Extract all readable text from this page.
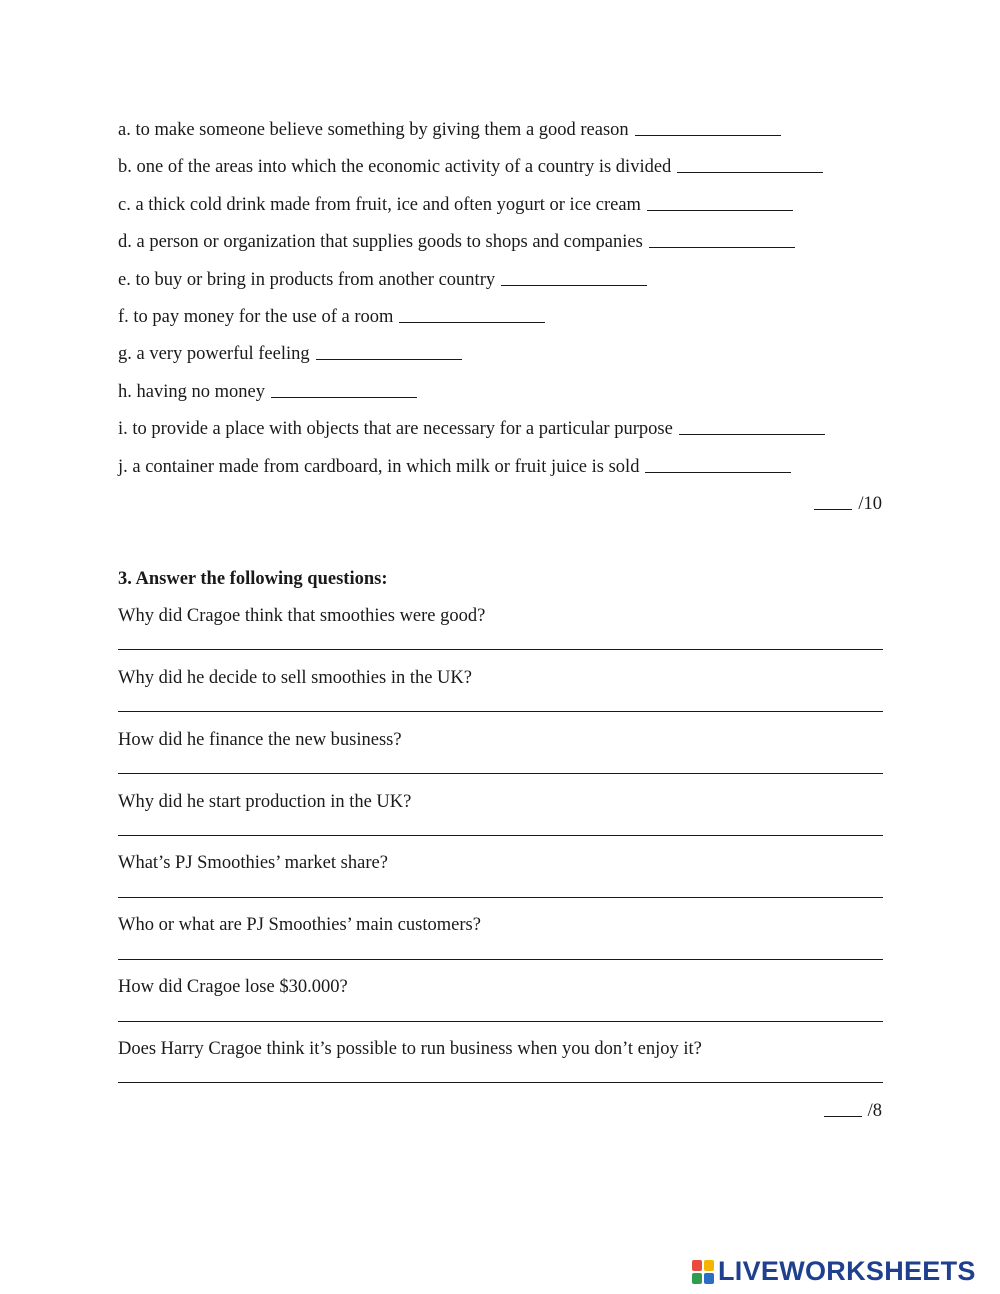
a. to make someone believe something by giving them a good reason
b. one of the areas into which the economic activity of a country is divided
c. a thick cold drink made from fruit, ice and often yogurt or ice cream
d. a person or organization that supplies goods to shops and companies
e. to buy or bring in products from another country
f. to pay money for the use of a room
g. a very powerful feeling
h. having no money
i. to provide a place with objects that are necessary for a particular purpose
j. a container made from cardboard, in which milk or fruit juice is sold
/10
3. Answer the following questions:
Why did Cragoe think that smoothies were good?
Why did he decide to sell smoothies in the UK?
How did he finance the new business?
Why did he start production in the UK?
What’s PJ Smoothies’ market share?
Who or what are PJ Smoothies’ main customers?
How did Cragoe lose $30.000?
Does Harry Cragoe think it’s possible to run business when you don’t enjoy it?
/8
LIVEWORKSHEETS
